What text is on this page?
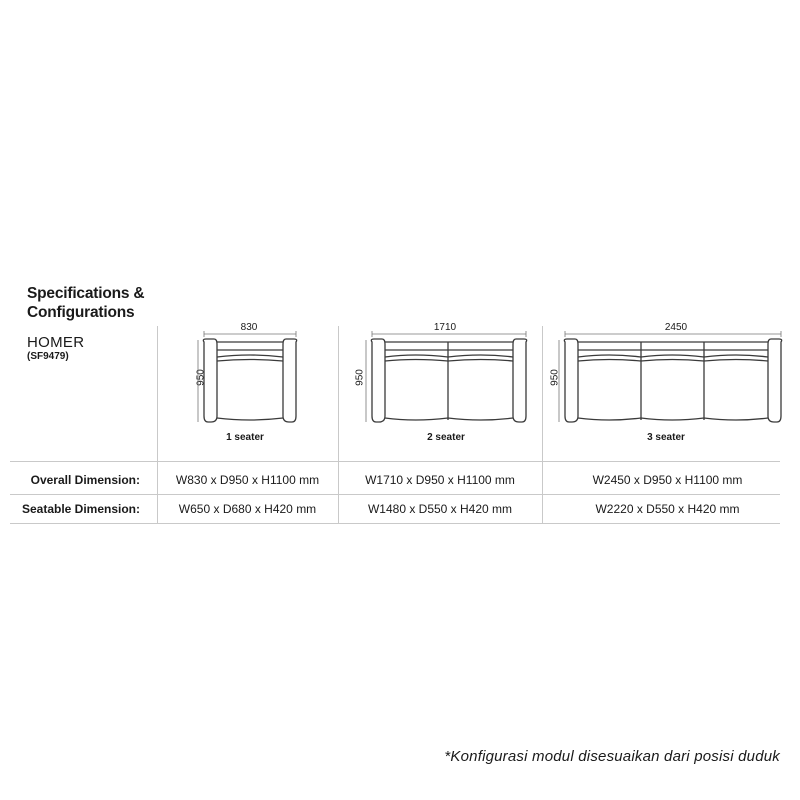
Specifications &
Configurations
HOMER
(SF9479)
830
950
1 seater
1710
950
2 seater
2450
950
3 seater
Overall Dimension:	W830 x D950 x H1100 mm	W1710 x D950 x H1100 mm	W2450 x D950 x H1100 mm
Seatable Dimension:	W650 x D680 x H420 mm	W1480 x D550 x H420 mm	W2220 x D550 x H420 mm
*Konfigurasi modul disesuaikan dari posisi duduk
